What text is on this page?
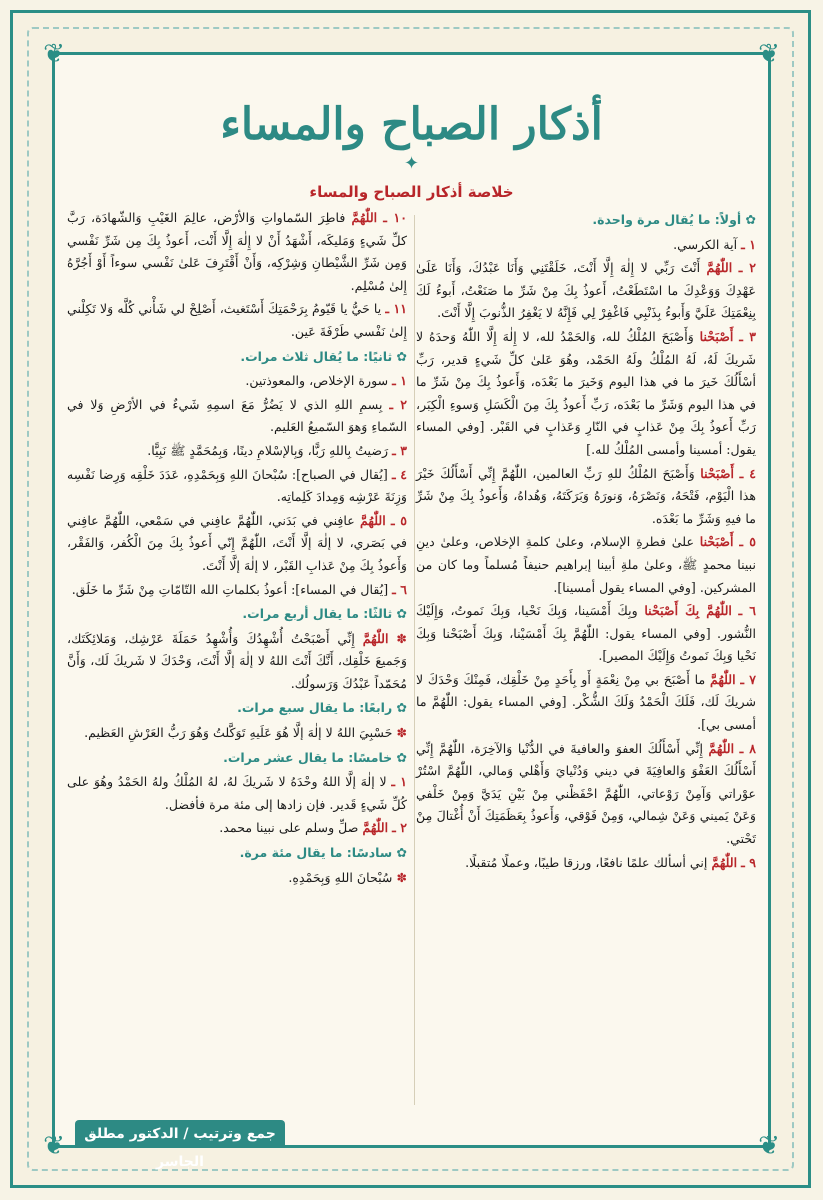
❦	❦
❦	❦
أذكار الصباح والمساء
✦
خلاصة أذكار الصباح والمساء
✿ أولاً: ما يُقال مرة واحدة.
١ ـ آية الكرسي.
٢ ـ اللّٰهُمَّ أَنْتَ رَبِّي لا إِلٰهَ إِلَّا أَنْتَ، خَلَقْتَنِي وَأَنَا عَبْدُكَ، وَأَنَا عَلَىٰ عَهْدِكَ وَوَعْدِكَ ما اسْتَطَعْتُ، أَعوذُ بِكَ مِنْ شَرِّ ما صَنَعْتُ، أَبوءُ لَكَ بِنِعْمَتِكَ عَلَيَّ وَأَبوءُ بِذَنْبِي فَاغْفِرْ لِي فَإِنَّهُ لا يَغْفِرُ الذُّنوبَ إِلَّا أَنْتَ.
٣ ـ أَصْبَحْنا وَأَصْبَحَ المُلْكُ لله، وَالحَمْدُ لله، لا إِلٰهَ إِلَّا اللّٰهُ وَحدَهُ لا شَريكَ لَهُ، لَهُ المُلْكُ ولَهُ الحَمْد، وهُوَ عَلىٰ كلِّ شَيءٍ قدير، رَبِّ أسْأَلُكَ خَيرَ ما في هذا اليوم وَخَيرَ ما بَعْدَه، وَأَعوذُ بِكَ مِنْ شَرِّ ما في هذا اليوم وَشَرِّ ما بَعْدَه، رَبِّ أَعوذُ بِكَ مِنَ الْكَسَلِ وَسوءِ الْكِبَر، رَبِّ أَعوذُ بِكَ مِنْ عَذابٍ في النّارِ وَعَذابٍ في القَبْر. [وفي المساء يقول: أمسينا وأمسى المُلْكُ لله.]
٤ ـ أَصْبَحْنا وَأَصْبَحَ المُلْكُ للهِ رَبِّ العالمين، اللّٰهُمَّ إِنِّي أَسْأَلُكَ خَيْرَ هذا الْيَوْم، فَتْحَهُ، وَنَصْرَهُ، وَنورَهُ وَبَرَكَتَهُ، وَهُداهُ، وَأَعوذُ بِكَ مِنْ شَرِّ ما فيهِ وَشَرِّ ما بَعْدَه.
٥ ـ أَصْبَحْنا علىٰ فطرةِ الإسلام، وعلىٰ كلمةِ الإخلاص، وعلىٰ دينِ نبينا محمدٍ ﷺ، وعلىٰ ملةِ أبينا إبراهيم حنيفاً مُسلماً وما كان من المشركين. [وفي المساء يقول أمسينا].
٦ ـ اللّٰهُمَّ بِكَ أَصْبَحْنا وبِكَ أَمْسَينا، وَبِكَ نَحْيا، وَبِكَ نَموتُ، وَإِلَيْكَ النُّشور. [وفي المساء يقول: اللّٰهُمَّ بِكَ أَمْسَيْنا، وَبِكَ أَصْبَحْنا وَبِكَ نَحْيا وَبِكَ نَموتُ وَإِلَيْكَ المصير].
٧ ـ اللّٰهُمَّ ما أَصْبَحَ بي مِنْ نِعْمَةٍ أَو بِأَحَدٍ مِنْ خَلْقِك، فَمِنْكَ وَحْدَكَ لا شريكَ لَك، فَلَكَ الْحَمْدُ وَلَكَ الشُّكْر. [وفي المساء يقول: اللّٰهُمَّ ما أمسى بي].
٨ ـ اللّٰهُمَّ إِنِّي أَسْأَلُكَ العفوَ والعافيةَ في الدُّنْيا وَالآخِرَة، اللّٰهُمَّ إِنِّي أَسْأَلُكَ العَفْوَ وَالعافِيَةَ في ديني وَدُنْيايَ وَأَهْلي وَمالي، اللّٰهُمَّ اسْتُرْ عوْراتي وَآمِنْ رَوْعاتي، اللّٰهُمَّ احْفَظْني مِنْ بَيْنِ يَدَيَّ وَمِنْ خَلْفي وَعَنْ يَميني وَعَنْ شِمالي، وَمِنْ فَوْقي، وَأَعوذُ بِعَظَمَتِكَ أَنْ أُغْتالَ مِنْ تَحْتي.
٩ ـ اللّٰهُمَّ إني أسألك علمًا نافعًا، ورزقا طيبًا، وعملًا مُتقبلًا.
١٠ ـ اللّٰهُمَّ فاطِرَ السّماواتِ وَالأرْض، عالِمَ الغَيْبِ وَالشّهادَة، رَبَّ كلِّ شَيءٍ وَمَليكَه، أَشْهَدُ أَنْ لا إِلٰهَ إِلَّا أَنْت، أَعوذُ بِكَ مِن شَرِّ نَفْسي وَمِن شَرِّ الشَّيْطانِ وَشِرْكِه، وَأَنْ أَقْتَرِفَ عَلىٰ نَفْسي سوءاً أَوْ أَجُرَّهُ إِلىٰ مُسْلِم.
١١ ـ يا حَيُّ يا قَيّومُ بِرَحْمَتِكَ أَسْتَغيث، أَصْلِحْ لي شَأْني كُلَّه وَلا تَكِلْني إِلىٰ نَفْسي طَرْفَةَ عَين.
✿ ثانيًا: ما يُقال ثلاث مرات.
١ ـ سورة الإخلاص، والمعوذتين.
٢ ـ بِسمِ اللهِ الذي لا يَضُرُّ مَعَ اسمِهِ شَيءٌ في الأرْضِ وَلا في السّماءِ وَهوَ السّميعُ العَليم.
٣ ـ رَضيتُ بِاللهِ رَبًّا، وَبِالإسْلامِ دينًا، وَبِمُحَمَّدٍ ﷺ نَبِيًّا.
٤ ـ [يُقال في الصباح]: سُبْحانَ اللهِ وَبِحَمْدِهِ، عَدَدَ خَلْقِه وَرِضا نَفْسِه وَزِنَةَ عَرْشِه وَمِدادَ كَلِماتِه.
٥ ـ اللّٰهُمَّ عافِني في بَدَني، اللّٰهُمَّ عافِني في سَمْعي، اللّٰهُمَّ عافِني في بَصَري، لا إلٰهَ إلَّا أَنْتَ، اللّٰهُمَّ إِنّي أَعوذُ بِكَ مِنَ الْكُفر، وَالفَقْر، وَأَعوذُ بِكَ مِنْ عَذابِ القَبْر، لا إلٰهَ إلَّا أَنْتَ.
٦ ـ [يُقال في المساء]: أعوذُ بكلماتِ الله التّامّاتِ مِنْ شَرِّ ما خَلَق.
✿ ثالثًا: ما يقال أربع مرات.
✽ اللّٰهُمَّ إِنِّي أَصْبَحْتُ أُشْهِدُكَ وَأُشْهِدُ حَمَلَةَ عَرْشِك، وَمَلائِكَتَك، وَجَميعَ خَلْقِك، أَنَّكَ أَنْتَ اللهُ لا إلٰهَ إلَّا أَنْتَ، وَحْدَكَ لا شَريكَ لَك، وَأَنَّ مُحَمّداً عَبْدُكَ وَرَسولُك.
✿ رابعًا: ما يقال سبع مرات.
✽ حَسْبِيَ اللهُ لا إلٰهَ إلَّا هُوَ عَلَيهِ تَوَكَّلتُ وَهُوَ رَبُّ العَرْشِ العَظيم.
✿ خامسًا: ما يقال عشر مرات.
١ ـ لا إلٰهَ إلَّا اللهُ وحْدَهُ لا شَريكَ لهُ، لهُ المُلْكُ ولهُ الحَمْدُ وهُوَ على كُلِّ شَيءٍ قَدير. فإن زادها إلى مئة مرة فأفضل.
٢ ـ اللّٰهُمَّ صلِّ وسلم على نبينا محمد.
✿ سادسًا: ما يقال مئة مرة.
✽ سُبْحانَ اللهِ وَبِحَمْدِهِ.
جمع وترتيب / الدكتور مطلق الجاسر
